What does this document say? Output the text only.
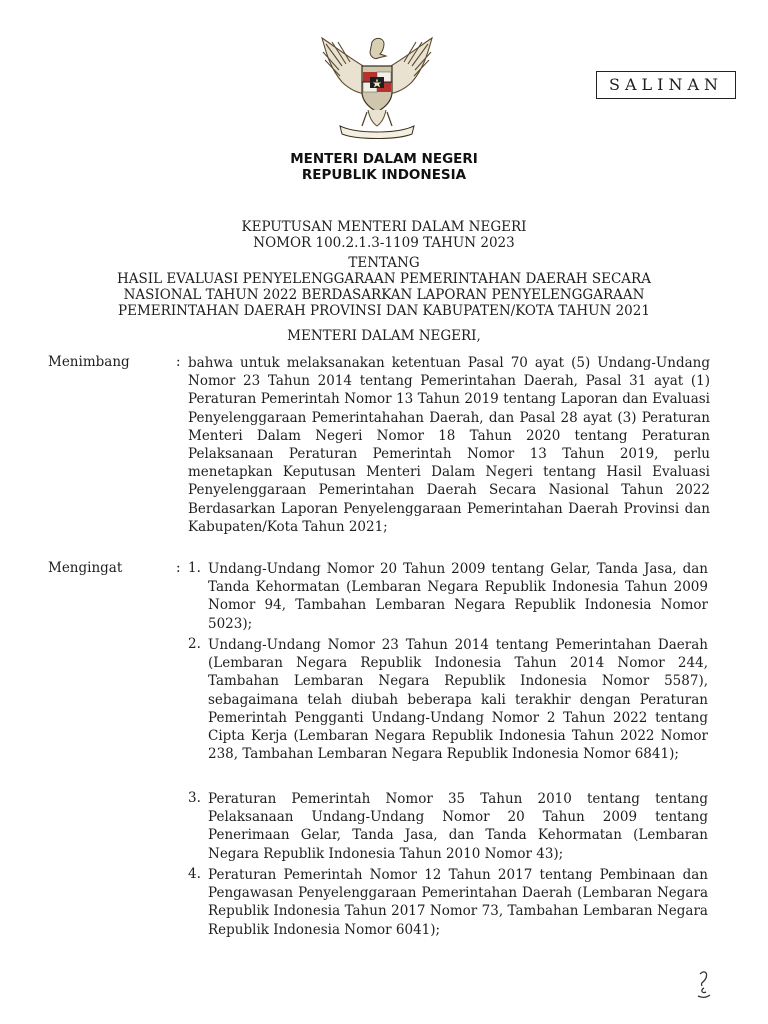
SALINAN
MENTERI DALAM NEGERI
REPUBLIK INDONESIA
KEPUTUSAN MENTERI DALAM NEGERI
NOMOR 100.2.1.3-1109 TAHUN 2023
TENTANG
HASIL EVALUASI PENYELENGGARAAN PEMERINTAHAN DAERAH SECARA
NASIONAL TAHUN 2022 BERDASARKAN LAPORAN PENYELENGGARAAN
PEMERINTAHAN DAERAH PROVINSI DAN KABUPATEN/KOTA TAHUN 2021
MENTERI DALAM NEGERI,
Menimbang	: bahwa untuk melaksanakan ketentuan Pasal 70 ayat (5) Undang-Undang Nomor 23 Tahun 2014 tentang Pemerintahan Daerah, Pasal 31 ayat (1) Peraturan Pemerintah Nomor 13 Tahun 2019 tentang Laporan dan Evaluasi Penyelenggaraan Pemerintahahan Daerah, dan Pasal 28 ayat (3) Peraturan Menteri Dalam Negeri Nomor 18 Tahun 2020 tentang Peraturan Pelaksanaan Peraturan Pemerintah Nomor 13 Tahun 2019, perlu menetapkan Keputusan Menteri Dalam Negeri tentang Hasil Evaluasi Penyelenggaraan Pemerintahan Daerah Secara Nasional Tahun 2022 Berdasarkan Laporan Penyelenggaraan Pemerintahan Daerah Provinsi dan Kabupaten/Kota Tahun 2021;
Mengingat	: 1. Undang-Undang Nomor 20 Tahun 2009 tentang Gelar, Tanda Jasa, dan Tanda Kehormatan (Lembaran Negara Republik Indonesia Tahun 2009 Nomor 94, Tambahan Lembaran Negara Republik Indonesia Nomor 5023);
2. Undang-Undang Nomor 23 Tahun 2014 tentang Pemerintahan Daerah (Lembaran Negara Republik Indonesia Tahun 2014 Nomor 244, Tambahan Lembaran Negara Republik Indonesia Nomor 5587), sebagaimana telah diubah beberapa kali terakhir dengan Peraturan Pemerintah Pengganti Undang-Undang Nomor 2 Tahun 2022 tentang Cipta Kerja (Lembaran Negara Republik Indonesia Tahun 2022 Nomor 238, Tambahan Lembaran Negara Republik Indonesia Nomor 6841);
3. Peraturan Pemerintah Nomor 35 Tahun 2010 tentang tentang Pelaksanaan Undang-Undang Nomor 20 Tahun 2009 tentang Penerimaan Gelar, Tanda Jasa, dan Tanda Kehormatan (Lembaran Negara Republik Indonesia Tahun 2010 Nomor 43);
4. Peraturan Pemerintah Nomor 12 Tahun 2017 tentang Pembinaan dan Pengawasan Penyelenggaraan Pemerintahan Daerah (Lembaran Negara Republik Indonesia Tahun 2017 Nomor 73, Tambahan Lembaran Negara Republik Indonesia Nomor 6041);
